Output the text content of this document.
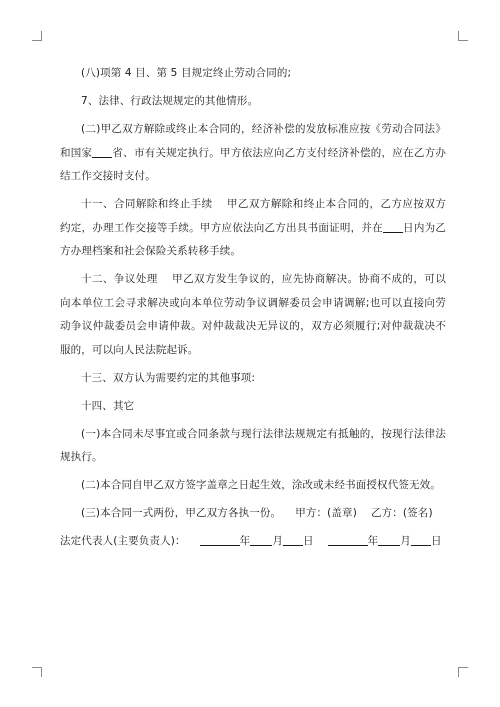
(八)项第 4 目、第 5 目规定终止劳动合同的;

7、法律、行政法规规定的其他情形。

(二)甲乙双方解除或终止本合同的，经济补偿的发放标准应按《劳动合同法》和国家 省、市有关规定执行。甲方依法应向乙方支付经济补偿的，应在乙方办结工作交接时支付。

十一、合同解除和终止手续 甲乙双方解除和终止本合同的，乙方应按双方约定，办理工作交接等手续。甲方应依法向乙方出具书面证明，并在 日内为乙方办理档案和社会保险关系转移手续。

十二、争议处理 甲乙双方发生争议的，应先协商解决。协商不成的，可以向本单位工会寻求解决或向本单位劳动争议调解委员会申请调解;也可以直接向劳动争议仲裁委员会申请仲裁。对仲裁裁决无异议的，双方必须履行;对仲裁裁决不服的，可以向人民法院起诉。

十三、双方认为需要约定的其他事项:

十四、其它

(一)本合同未尽事宜或合同条款与现行法律法规规定有抵触的，按现行法律法规执行。

(二)本合同自甲乙双方签字盖章之日起生效，涂改或未经书面授权代签无效。

(三)本合同一式两份，甲乙双方各执一份。 甲方：(盖章) 乙方：(签名)

法定代表人(主要负责人)：	年 月 日	年 月 日
